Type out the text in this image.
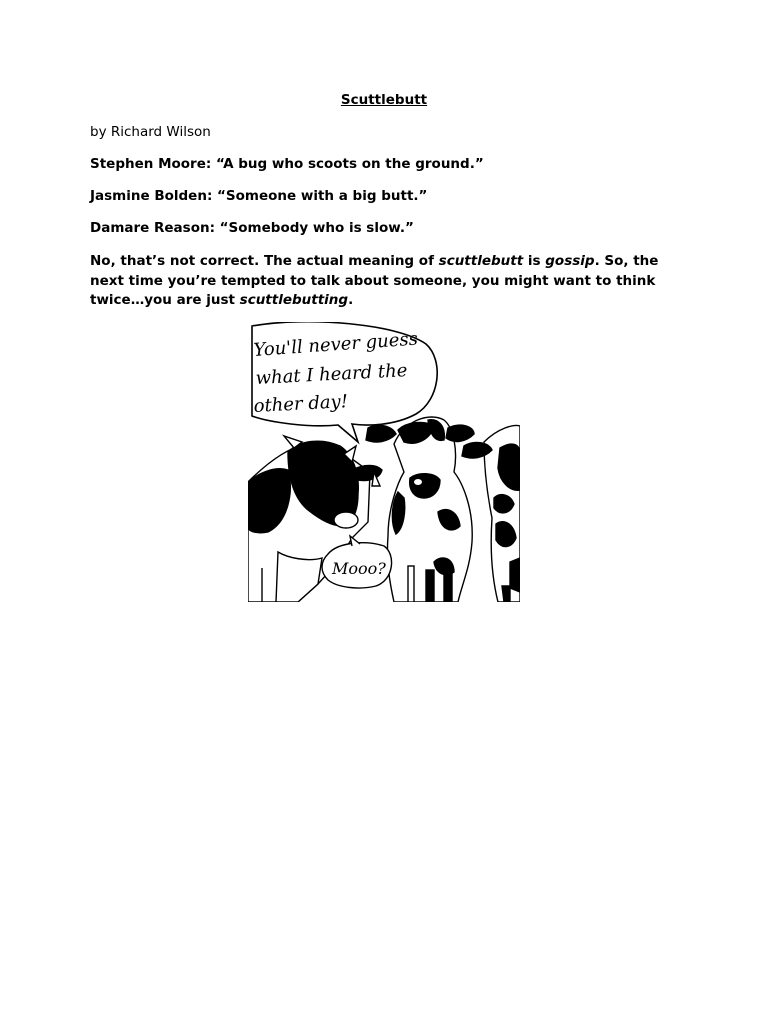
Scuttlebutt
by Richard Wilson
Stephen Moore: “A bug who scoots on the ground.”
Jasmine Bolden: “Someone with a big butt.”
Damare Reason: “Somebody who is slow.”
No, that’s not correct. The actual meaning of scuttlebutt is gossip. So, the next time you’re tempted to talk about someone, you might want to think twice…you are just scuttlebutting.
You'll never guess
what I heard the
other day!
Mooo?
